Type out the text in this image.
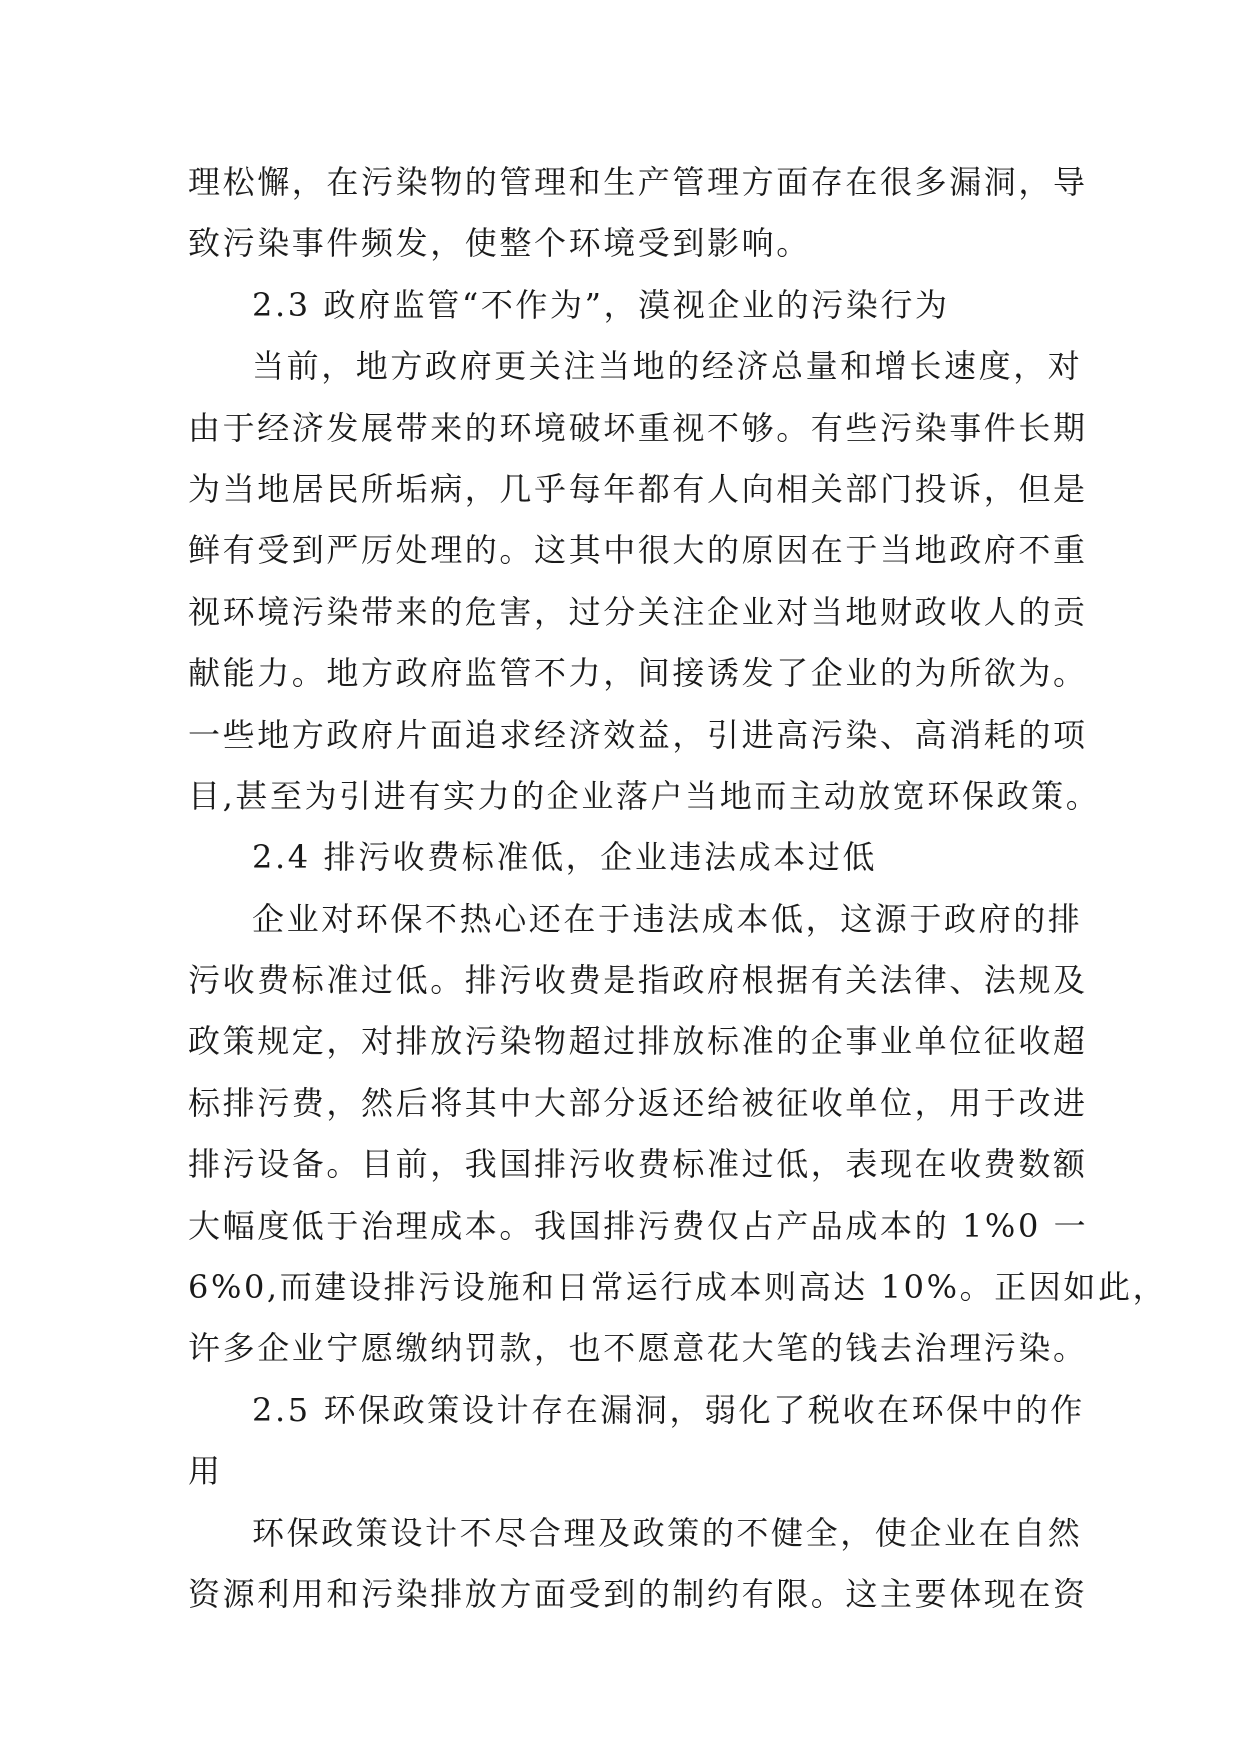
理松懈，在污染物的管理和生产管理方面存在很多漏洞，导
致污染事件频发，使整个环境受到影响。
2.3 政府监管“不作为”，漠视企业的污染行为
当前，地方政府更关注当地的经济总量和增长速度，对
由于经济发展带来的环境破坏重视不够。有些污染事件长期
为当地居民所垢病，几乎每年都有人向相关部门投诉，但是
鲜有受到严厉处理的。这其中很大的原因在于当地政府不重
视环境污染带来的危害，过分关注企业对当地财政收人的贡
献能力。地方政府监管不力，间接诱发了企业的为所欲为。
一些地方政府片面追求经济效益，引进高污染、高消耗的项
目,甚至为引进有实力的企业落户当地而主动放宽环保政策。
2.4 排污收费标准低，企业违法成本过低
企业对环保不热心还在于违法成本低，这源于政府的排
污收费标准过低。排污收费是指政府根据有关法律、法规及
政策规定，对排放污染物超过排放标准的企事业单位征收超
标排污费，然后将其中大部分返还给被征收单位，用于改进
排污设备。目前，我国排污收费标准过低，表现在收费数额
大幅度低于治理成本。我国排污费仅占产品成本的 1%0 一
6%0,而建设排污设施和日常运行成本则高达 10%。正因如此，
许多企业宁愿缴纳罚款，也不愿意花大笔的钱去治理污染。
2.5 环保政策设计存在漏洞，弱化了税收在环保中的作
用
环保政策设计不尽合理及政策的不健全，使企业在自然
资源利用和污染排放方面受到的制约有限。这主要体现在资
